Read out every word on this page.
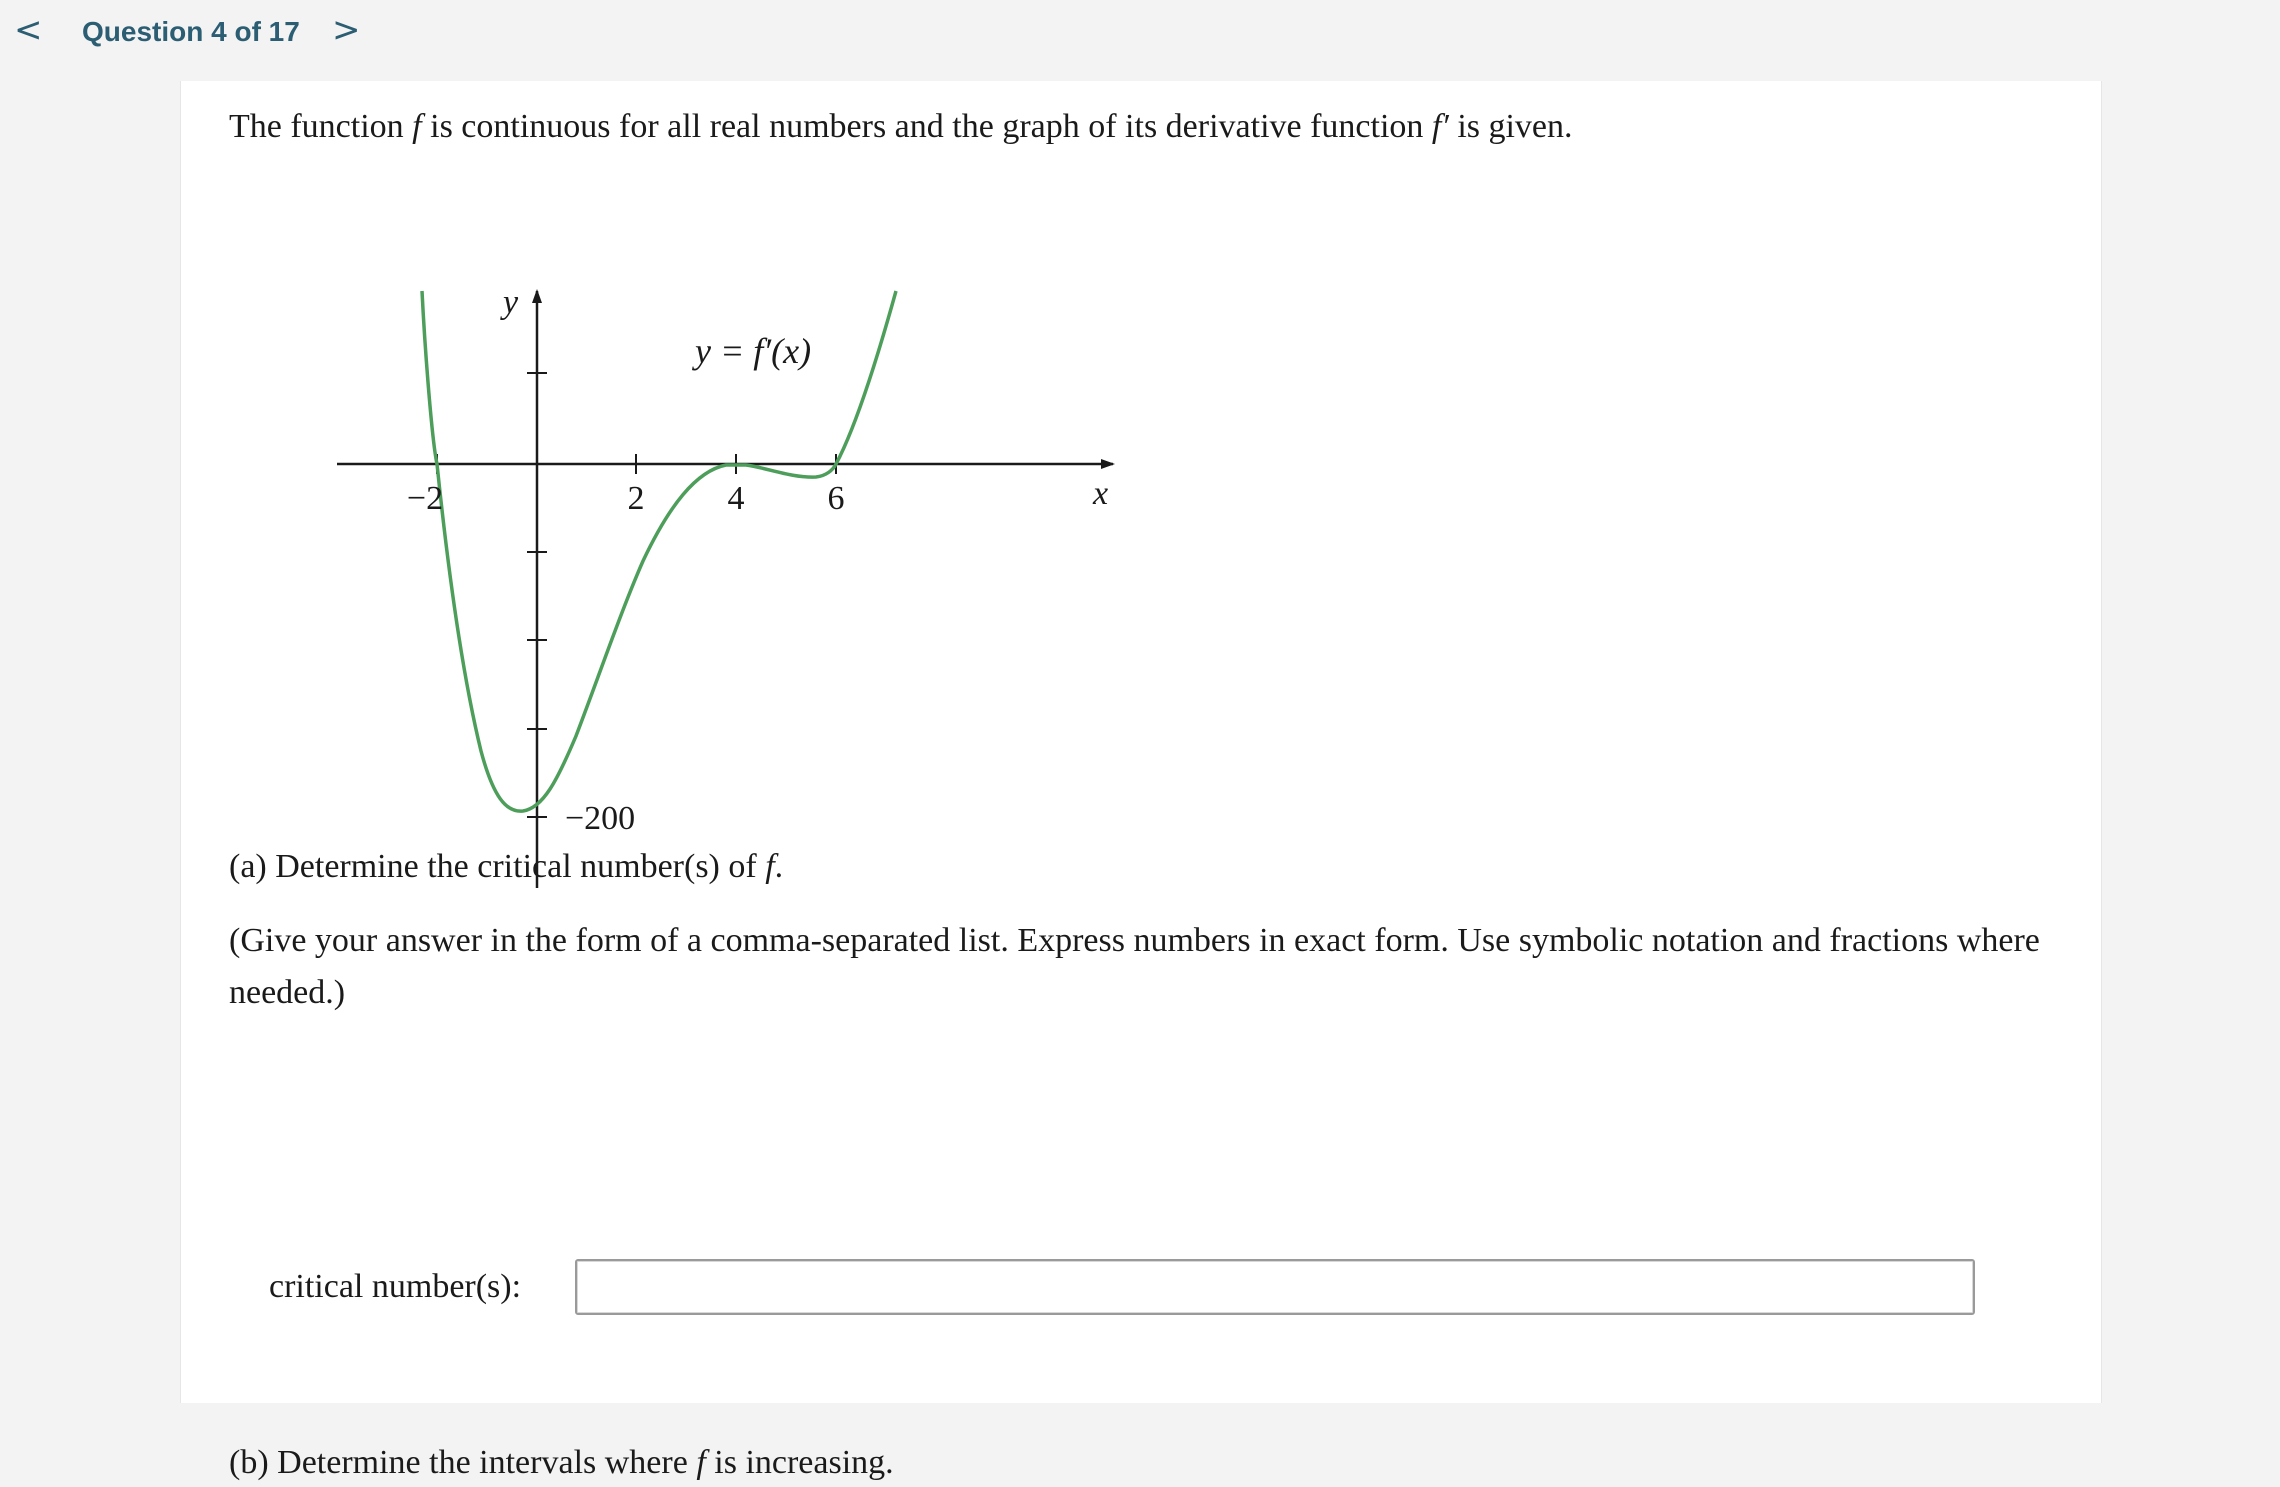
< Question 4 of 17 >
The function f is continuous for all real numbers and the graph of its derivative function f′ is given.
y
x
y = f′(x)
−2	2 4 6
−200
(a) Determine the critical number(s) of f.
(Give your answer in the form of a comma-separated list. Express numbers in exact form. Use symbolic notation and fractions where needed.)
critical number(s):
(b) Determine the intervals where f is increasing.
